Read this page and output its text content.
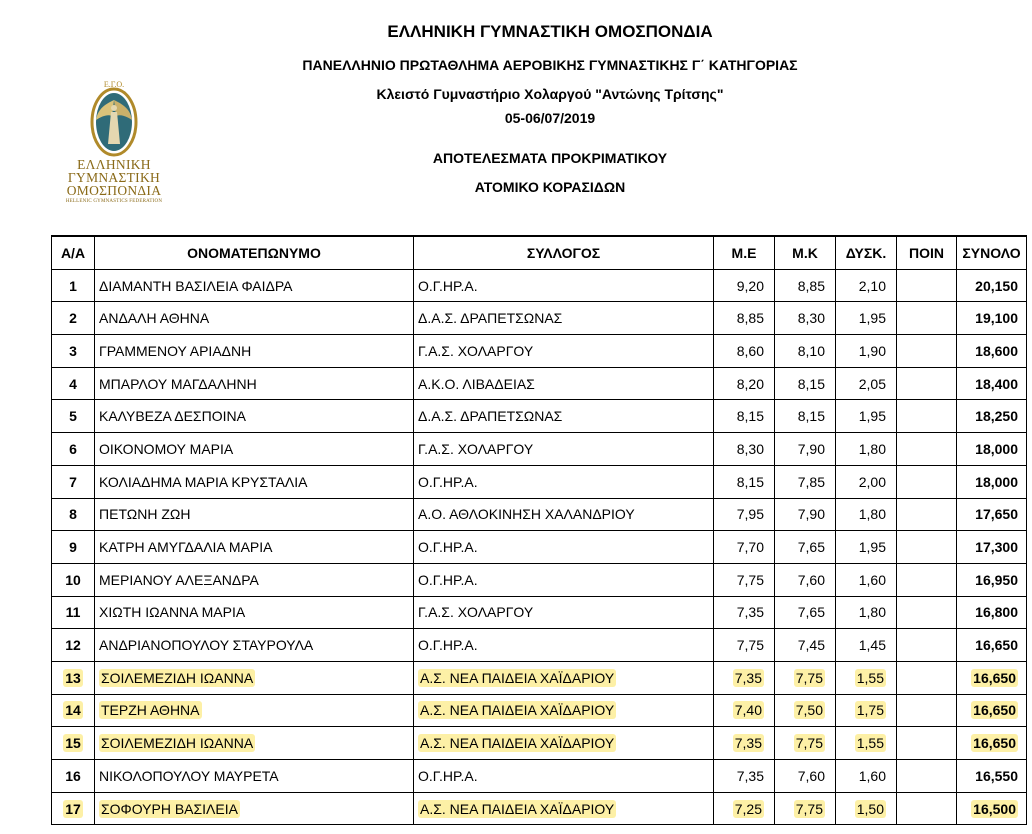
ΕΛΛΗΝΙΚΗ ΓΥΜΝΑΣΤΙΚΗ ΟΜΟΣΠΟΝΔΙΑ
ΠΑΝΕΛΛΗΝΙΟ ΠΡΩΤΑΘΛΗΜΑ ΑΕΡΟΒΙΚΗΣ ΓΥΜΝΑΣΤΙΚΗΣ Γ΄ ΚΑΤΗΓΟΡΙΑΣ
Κλειστό Γυμναστήριο Χολαργού "Αντώνης Τρίτσης"
05-06/07/2019
ΑΠΟΤΕΛΕΣΜΑΤΑ ΠΡΟΚΡΙΜΑΤΙΚΟΥ
ΑΤΟΜΙΚΟ ΚΟΡΑΣΙΔΩΝ
Ε.Γ.Ο.
ΕΛΛΗΝΙΚΗ
ΓΥΜΝΑΣΤΙΚΗ
ΟΜΟΣΠΟΝΔΙΑ
HELLENIC GYMNASTICS FEDERATION
Α/Α	ΟΝΟΜΑΤΕΠΩΝΥΜΟ	ΣΥΛΛΟΓΟΣ	Μ.Ε	Μ.Κ	ΔΥΣΚ.	ΠΟΙΝ	ΣΥΝΟΛΟ
1	ΔΙΑΜΑΝΤΗ ΒΑΣΙΛΕΙΑ ΦΑΙΔΡΑ	Ο.Γ.ΗΡ.Α.	9,20	8,85	2,10		20,150
2	ΑΝΔΑΛΗ ΑΘΗΝΑ	Δ.Α.Σ. ΔΡΑΠΕΤΣΩΝΑΣ	8,85	8,30	1,95		19,100
3	ΓΡΑΜΜΕΝΟΥ ΑΡΙΑΔΝΗ	Γ.Α.Σ. ΧΟΛΑΡΓΟΥ	8,60	8,10	1,90		18,600
4	ΜΠΑΡΛΟΥ ΜΑΓΔΑΛΗΝΗ	Α.Κ.Ο. ΛΙΒΑΔΕΙΑΣ	8,20	8,15	2,05		18,400
5	ΚΑΛΥΒΕΖΑ ΔΕΣΠΟΙΝΑ	Δ.Α.Σ. ΔΡΑΠΕΤΣΩΝΑΣ	8,15	8,15	1,95		18,250
6	ΟΙΚΟΝΟΜΟΥ ΜΑΡΙΑ	Γ.Α.Σ. ΧΟΛΑΡΓΟΥ	8,30	7,90	1,80		18,000
7	ΚΟΛΙΑΔΗΜΑ ΜΑΡΙΑ ΚΡΥΣΤΑΛΙΑ	Ο.Γ.ΗΡ.Α.	8,15	7,85	2,00		18,000
8	ΠΕΤΩΝΗ ΖΩΗ	Α.Ο. ΑΘΛΟΚΙΝΗΣΗ ΧΑΛΑΝΔΡΙΟΥ	7,95	7,90	1,80		17,650
9	ΚΑΤΡΗ ΑΜΥΓΔΑΛΙΑ ΜΑΡΙΑ	Ο.Γ.ΗΡ.Α.	7,70	7,65	1,95		17,300
10	ΜΕΡΙΑΝΟΥ ΑΛΕΞΑΝΔΡΑ	Ο.Γ.ΗΡ.Α.	7,75	7,60	1,60		16,950
11	ΧΙΩΤΗ ΙΩΑΝΝΑ ΜΑΡΙΑ	Γ.Α.Σ. ΧΟΛΑΡΓΟΥ	7,35	7,65	1,80		16,800
12	ΑΝΔΡΙΑΝΟΠΟΥΛΟΥ ΣΤΑΥΡΟΥΛΑ	Ο.Γ.ΗΡ.Α.	7,75	7,45	1,45		16,650
13	ΣΟΙΛΕΜΕΖΙΔΗ ΙΩΑΝΝΑ	Α.Σ. ΝΕΑ ΠΑΙΔΕΙΑ ΧΑΪΔΑΡΙΟΥ	7,35	7,75	1,55		16,650
14	ΤΕΡΖΗ ΑΘΗΝΑ	Α.Σ. ΝΕΑ ΠΑΙΔΕΙΑ ΧΑΪΔΑΡΙΟΥ	7,40	7,50	1,75		16,650
15	ΣΟΙΛΕΜΕΖΙΔΗ ΙΩΑΝΝΑ	Α.Σ. ΝΕΑ ΠΑΙΔΕΙΑ ΧΑΪΔΑΡΙΟΥ	7,35	7,75	1,55		16,650
16	ΝΙΚΟΛΟΠΟΥΛΟΥ ΜΑΥΡΕΤΑ	Ο.Γ.ΗΡ.Α.	7,35	7,60	1,60		16,550
17	ΣΟΦΟΥΡΗ ΒΑΣΙΛΕΙΑ	Α.Σ. ΝΕΑ ΠΑΙΔΕΙΑ ΧΑΪΔΑΡΙΟΥ	7,25	7,75	1,50		16,500
